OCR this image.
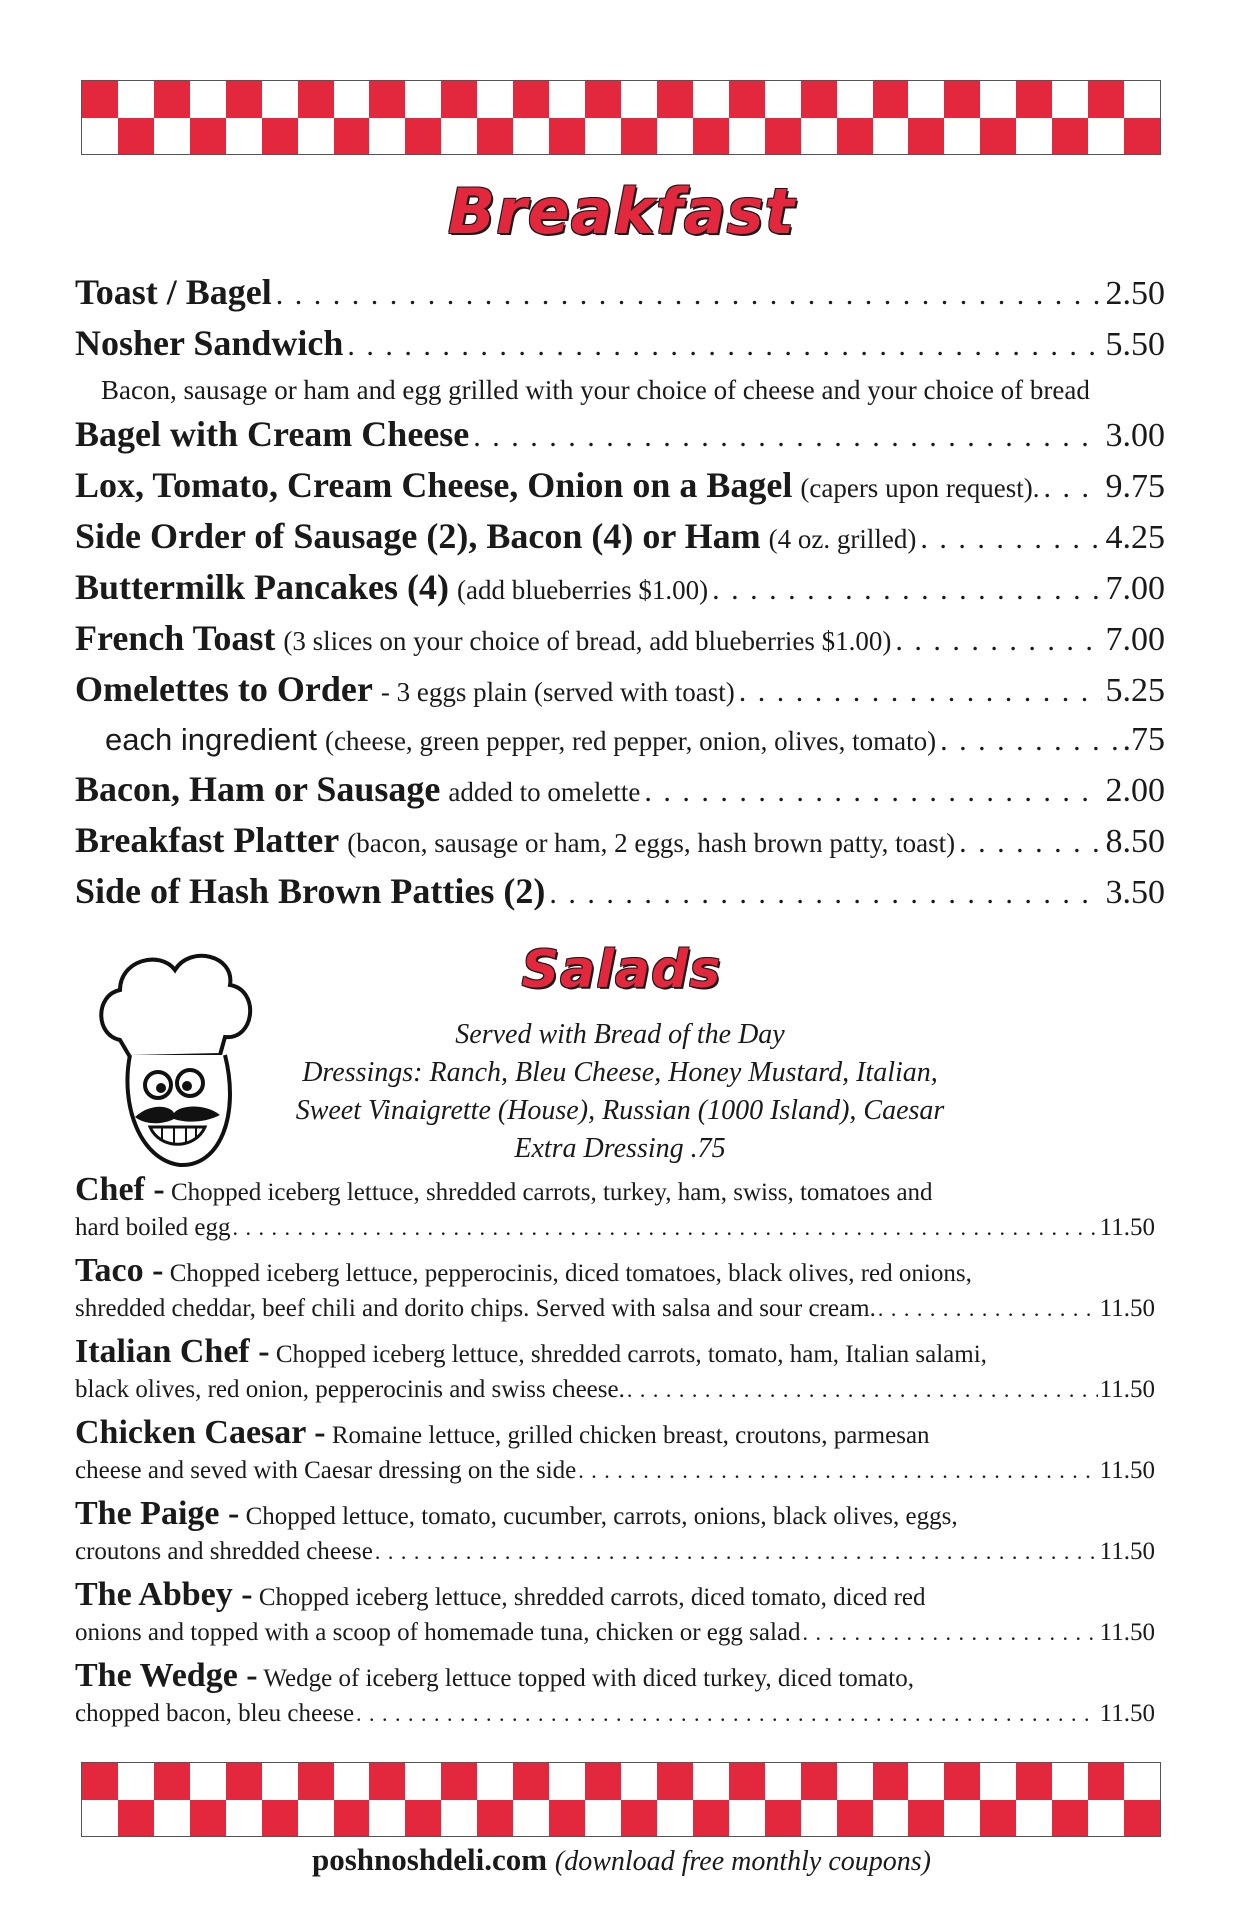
Breakfast
Toast / Bagel . . .	2.50
Nosher Sandwich . . .	5.50
Bacon, sausage or ham and egg grilled with your choice of cheese and your choice of bread
Bagel with Cream Cheese . . .	3.00
Lox, Tomato, Cream Cheese, Onion on a Bagel (capers upon request). . . . 9.75
Side Order of Sausage (2), Bacon (4) or Ham (4 oz. grilled) . . .	4.25
Buttermilk Pancakes (4) (add blueberries $1.00) . . .	7.00
French Toast (3 slices on your choice of bread, add blueberries $1.00) . . .	7.00
Omelettes to Order - 3 eggs plain (served with toast) . . .	5.25
each ingredient (cheese, green pepper, red pepper, onion, olives, tomato) . . .	.75
Bacon, Ham or Sausage added to omelette . . .	2.00
Breakfast Platter (bacon, sausage or ham, 2 eggs, hash brown patty, toast) . . .	8.50
Side of Hash Brown Patties (2) . . .	3.50
Salads
Served with Bread of the Day
Dressings: Ranch, Bleu Cheese, Honey Mustard, Italian,
Sweet Vinaigrette (House), Russian (1000 Island), Caesar
Extra Dressing .75
Chef - Chopped iceberg lettuce, shredded carrots, turkey, ham, swiss, tomatoes and
hard boiled egg . . .	11.50
Taco - Chopped iceberg lettuce, pepperocinis, diced tomatoes, black olives, red onions,
shredded cheddar, beef chili and dorito chips. Served with salsa and sour cream. . . .	11.50
Italian Chef - Chopped iceberg lettuce, shredded carrots, tomato, ham, Italian salami,
black olives, red onion, pepperocinis and swiss cheese. . . .	11.50
Chicken Caesar - Romaine lettuce, grilled chicken breast, croutons, parmesan
cheese and seved with Caesar dressing on the side . . .	11.50
The Paige - Chopped lettuce, tomato, cucumber, carrots, onions, black olives, eggs,
croutons and shredded cheese . . .	11.50
The Abbey - Chopped iceberg lettuce, shredded carrots, diced tomato, diced red
onions and topped with a scoop of homemade tuna, chicken or egg salad . . .	11.50
The Wedge - Wedge of iceberg lettuce topped with diced turkey, diced tomato,
chopped bacon, bleu cheese . . .	11.50
poshnoshdeli.com (download free monthly coupons)
